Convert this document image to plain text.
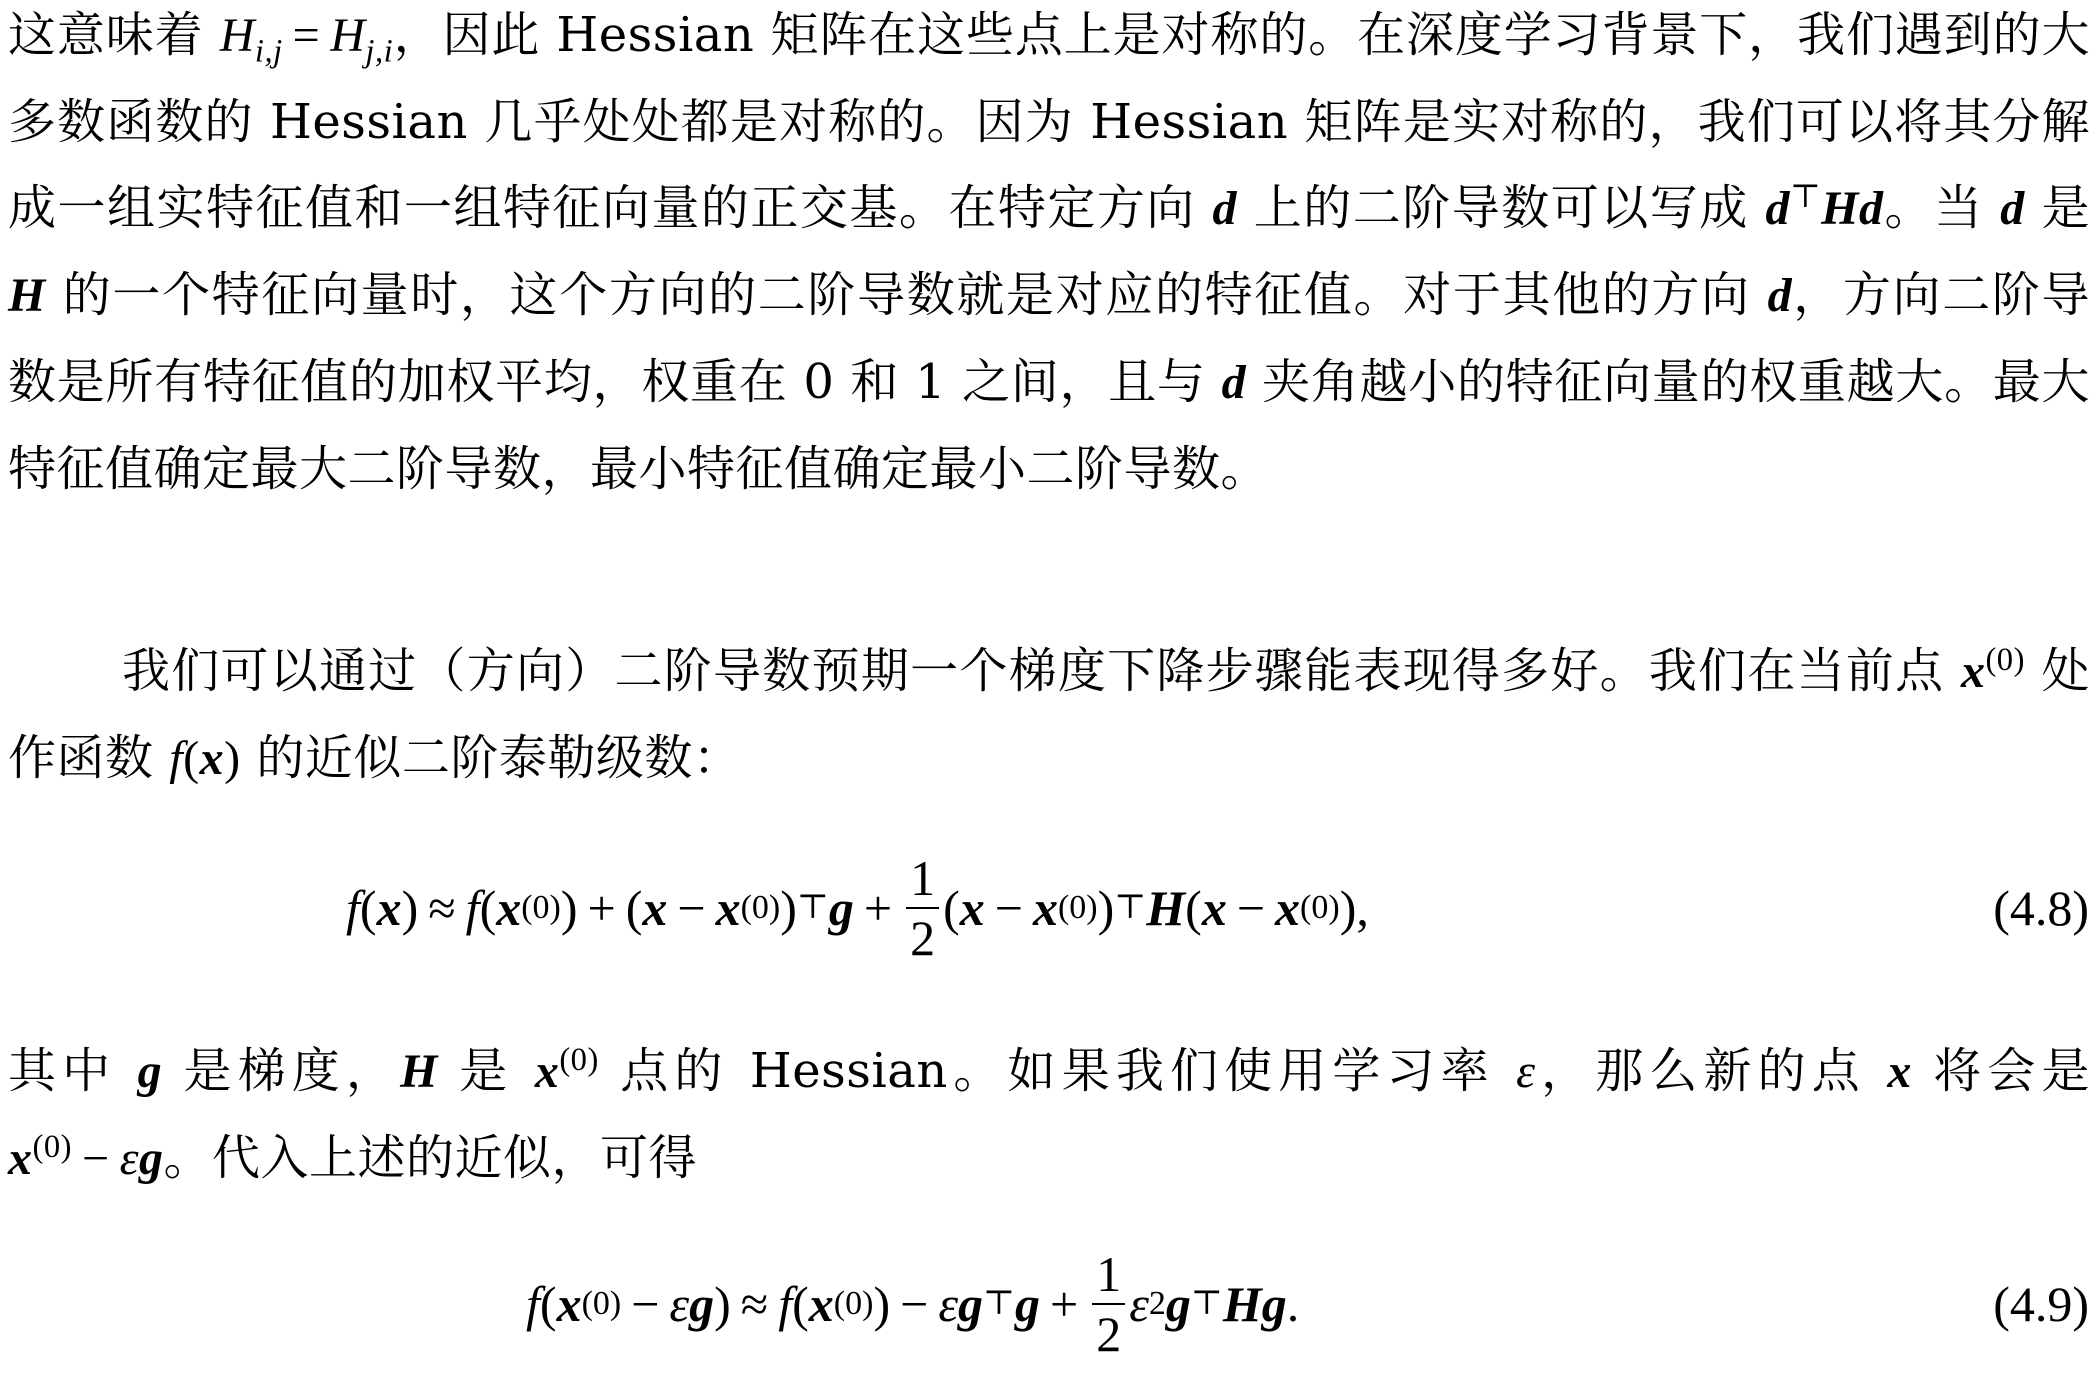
这意味着 $H_{i,j} = H_{j,i}$，因此 Hessian 矩阵在这些点上是对称的。在深度学习背景下，我们遇到的大多数函数的 Hessian 几乎处处都是对称的。因为 Hessian 矩阵是实对称的，我们可以将其分解成一组实特征值和一组特征向量的正交基。在特定方向 d 上的二阶导数可以写成 d⊤Hd。当 d 是 H 的一个特征向量时，这个方向的二阶导数就是对应的特征值。对于其他的方向 d，方向二阶导数是所有特征值的加权平均，权重在 0 和 1 之间，且与 d 夹角越小的特征向量的权重越大。最大特征值确定最大二阶导数，最小特征值确定最小二阶导数。
我们可以通过（方向）二阶导数预期一个梯度下降步骤能表现得多好。我们在当前点 $x^{(0)}$ 处作函数 f(x) 的近似二阶泰勒级数：
f ( x ) ≈ f ( x (0) ) + ( x − x (0) ) ⊤ $g + \frac{1}{2}$ ( x − x (0) ) ⊤ H ( x − x (0) ) ,	(4.8)
其中 g 是梯度，H 是 $x^{(0)}$ 点的 Hessian。如果我们使用学习率 ε，那么新的点 x 将会是 $x^{(0)} - \varepsilon g$。代入上述的近似，可得
f ( x (0) − ε g ) ≈ f ( x (0) ) − ε g ⊤ $g + \frac{1}{2}$ ε 2 g ⊤ H g .	(4.9)
